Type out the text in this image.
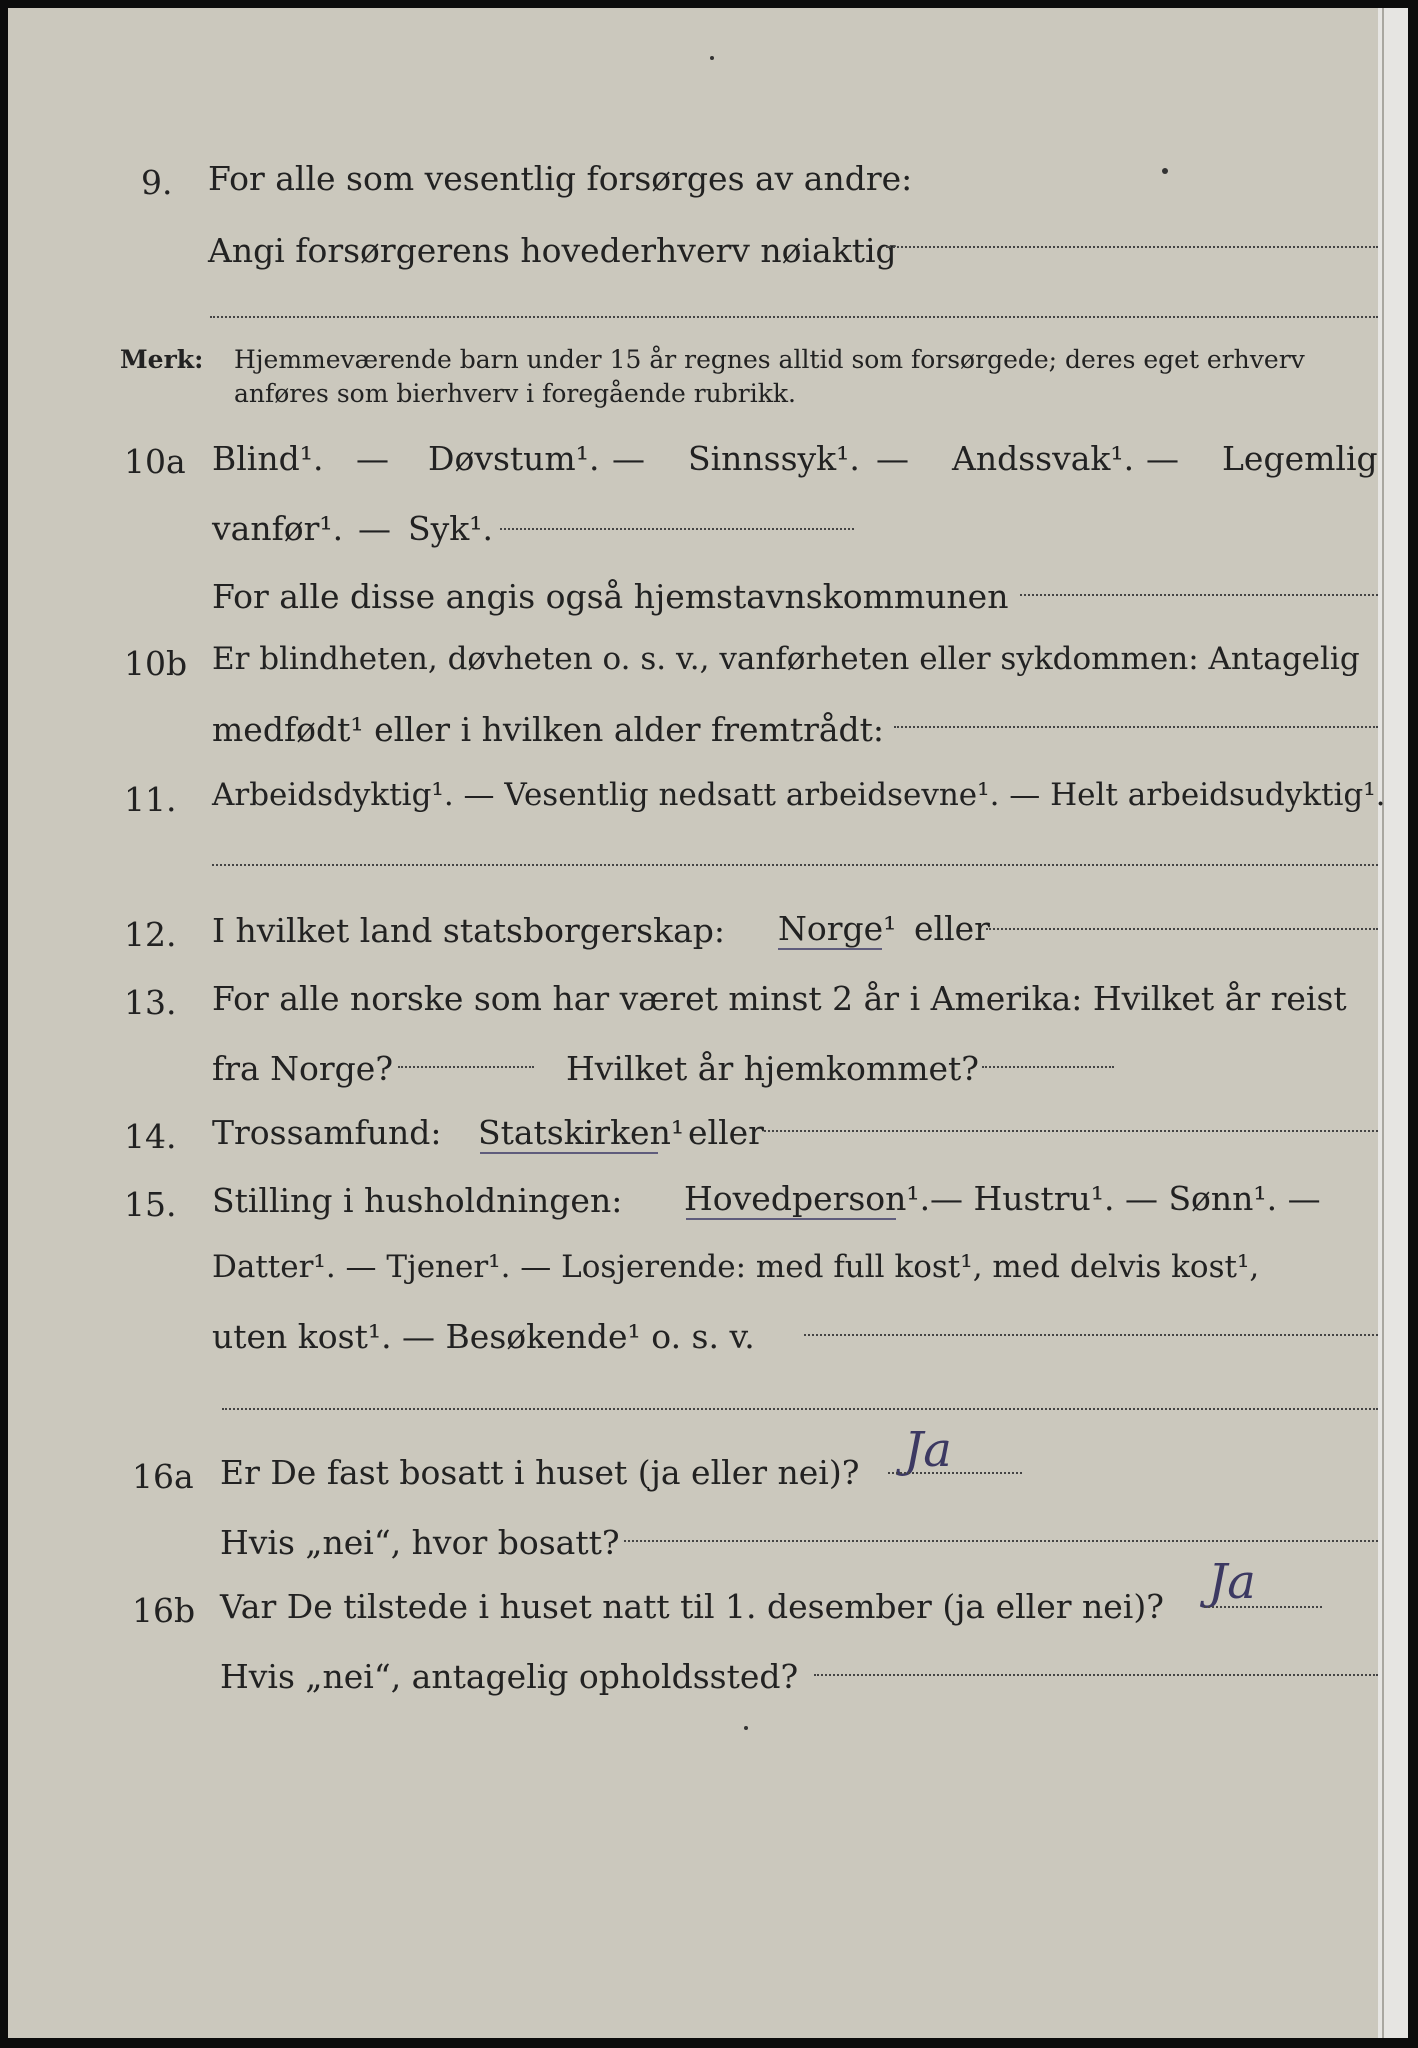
9. For alle som vesentlig forsørges av andre:
Angi forsørgerens hovederhverv nøiaktig
Merk: Hjemmeværende barn under 15 år regnes alltid som forsørgede; deres eget erhverv
anføres som bierhverv i foregående rubrikk.
10a Blind¹. — Døvstum¹. — Sinnssyk¹. — Andssvak¹. — Legemlig
vanfør¹. — Syk¹.
For alle disse angis også hjemstavnskommunen
10b Er blindheten, døvheten o. s. v., vanførheten eller sykdommen: Antagelig
medfødt¹ eller i hvilken alder fremtrådt:
11. Arbeidsdyktig¹. — Vesentlig nedsatt arbeidsevne¹. — Helt arbeidsudyktig¹.
12. I hvilket land statsborgerskap: Norge¹ eller
13. For alle norske som har været minst 2 år i Amerika: Hvilket år reist
fra Norge?	Hvilket år hjemkommet?
14. Trossamfund: Statskirken¹ eller
15. Stilling i husholdningen: Hovedperson¹. — Hustru¹. — Sønn¹. —
Datter¹. — Tjener¹. — Losjerende: med full kost¹, med delvis kost¹,
uten kost¹. — Besøkende¹ o. s. v.
16a Er De fast bosatt i huset (ja eller nei)? Ja
Hvis „nei“, hvor bosatt?
16b Var De tilstede i huset natt til 1. desember (ja eller nei)? Ja
Hvis „nei“, antagelig opholdssted?
